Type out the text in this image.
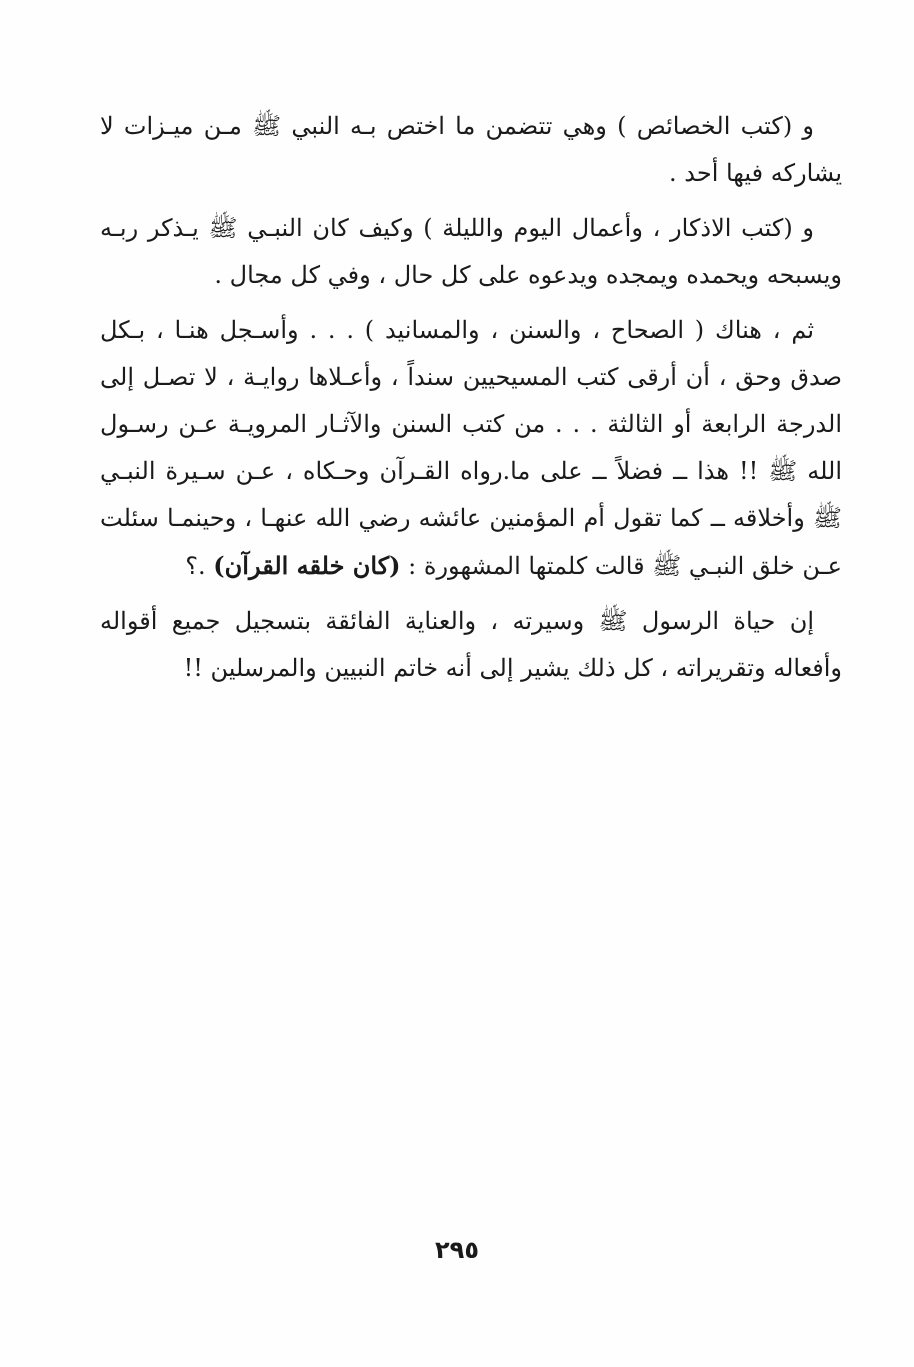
و (كتب الخصائص ) وهي تتضمن ما اختص بـه النبي ﷺ مـن ميـزات لا يشاركه فيها أحد .

و (كتب الاذكار ، وأعمال اليوم والليلة ) وكيف كان النبـي ﷺ يـذكر ربـه ويسبحه ويحمده ويمجده ويدعوه على كل حال ، وفي كل مجال .

ثم ، هناك ( الصحاح ، والسنن ، والمسانيد ) . . . وأسـجل هنـا ، بـكل صدق وحق ، أن أرقى كتب المسيحيين سنداً ، وأعـلاها روايـة ، لا تصـل إلى الدرجة الرابعة أو الثالثة . . . من كتب السنن والآثـار المرويـة عـن رسـول الله ﷺ !! هذا ــ فضلاً ــ على ما.رواه القـرآن وحـكاه ، عـن سـيرة النبـي ﷺ وأخلاقه ــ كما تقول أم المؤمنين عائشه رضي الله عنهـا ، وحينمـا سئلت عـن خلق النبـي ﷺ قالت كلمتها المشهورة : (كان خلقه القرآن) .؟

إن حياة الرسول ﷺ وسيرته ، والعناية الفائقة بتسجيل جميع أقواله وأفعاله وتقريراته ، كل ذلك يشير إلى أنه خاتم النبيين والمرسلين !!

٢٩٥
